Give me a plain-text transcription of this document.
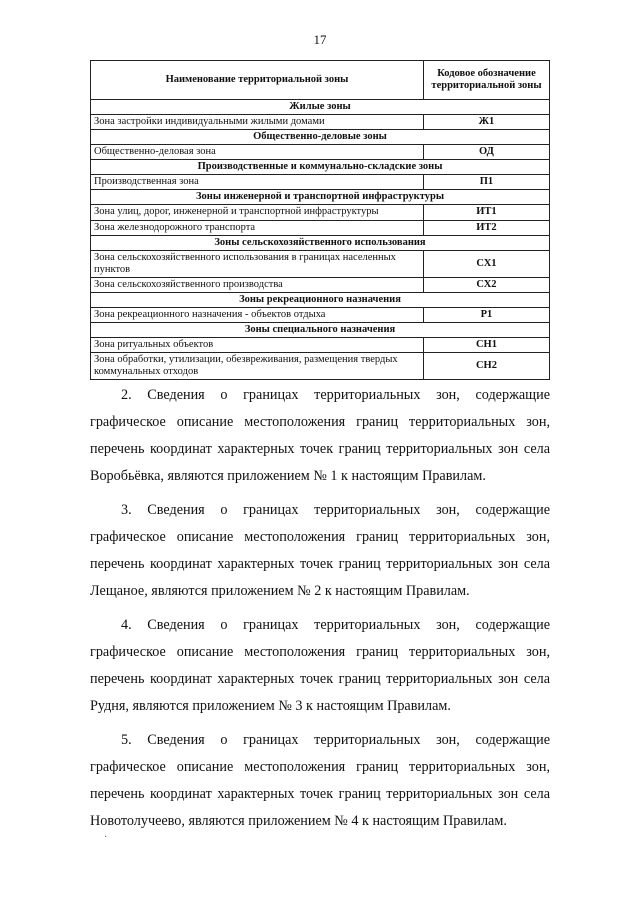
17
Наименование территориальной зоны	Кодовое обозначение территориальной зоны
Жилые зоны	
Зона застройки индивидуальными жилыми домами	Ж1
Общественно-деловые зоны	
Общественно-деловая зона	ОД
Производственные и коммунально-складские зоны	
Производственная зона	П1
Зоны инженерной и транспортной инфраструктуры	
Зона улиц, дорог, инженерной и транспортной инфраструктуры	ИТ1
Зона железнодорожного транспорта	ИТ2
Зоны сельскохозяйственного использования	
Зона сельскохозяйственного использования в границах населенных пунктов	СХ1
Зона сельскохозяйственного производства	СХ2
Зоны рекреационного назначения	
Зона рекреационного назначения - объектов отдыха	Р1
Зоны специального назначения	
Зона ритуальных объектов	СН1
Зона обработки, утилизации, обезвреживания, размещения твердых коммунальных отходов	СН2

2. Сведения о границах территориальных зон, содержащие графическое описание местоположения границ территориальных зон, перечень координат характерных точек границ территориальных зон села Воробьёвка, являются приложением № 1 к настоящим Правилам.

3. Сведения о границах территориальных зон, содержащие графическое описание местоположения границ территориальных зон, перечень координат характерных точек границ территориальных зон села Лещаное, являются приложением № 2 к настоящим Правилам.

4. Сведения о границах территориальных зон, содержащие графическое описание местоположения границ территориальных зон, перечень координат характерных точек границ территориальных зон села Рудня, являются приложением № 3 к настоящим Правилам.

5. Сведения о границах территориальных зон, содержащие графическое описание местоположения границ территориальных зон, перечень координат характерных точек границ территориальных зон села Новотолучеево, являются приложением № 4 к настоящим Правилам.

·
